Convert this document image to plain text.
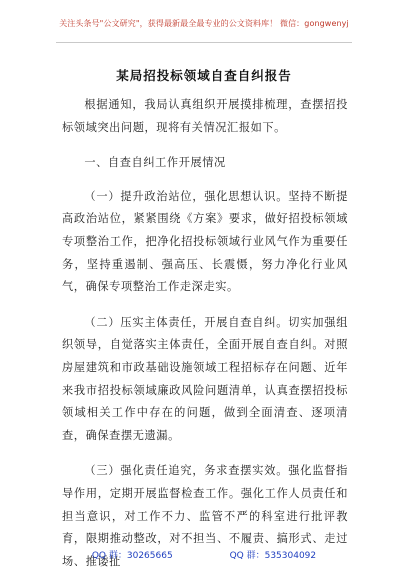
关注头条号"公文研究"，获得最新最全最专业的公文资料库！ 微信：gongwenyj
某局招投标领域自查自纠报告

根据通知，我局认真组织开展摸排梳理，查摆招投标领域突出问题，现将有关情况汇报如下。

一、自查自纠工作开展情况

（一）提升政治站位，强化思想认识。坚持不断提高政治站位，紧紧围绕《方案》要求，做好招投标领域专项整治工作，把净化招投标领域行业风气作为重要任务，坚持重遏制、强高压、长震慑，努力净化行业风气，确保专项整治工作走深走实。

（二）压实主体责任，开展自查自纠。切实加强组织领导，自觉落实主体责任，全面开展自查自纠。对照房屋建筑和市政基础设施领域工程招标存在问题、近年来我市招投标领域廉政风险问题清单，认真查摆招投标领域相关工作中存在的问题，做到全面清查、逐项清查，确保查摆无遗漏。

（三）强化责任追究，务求查摆实效。强化监督指导作用，定期开展监督检查工作。强化工作人员责任和担当意识，对工作不力、监管不严的科室进行批评教育，限期推动整改，对不担当、不履责、搞形式、走过场、推诿扯

QQ 群：30265665	QQ 群：535304092
